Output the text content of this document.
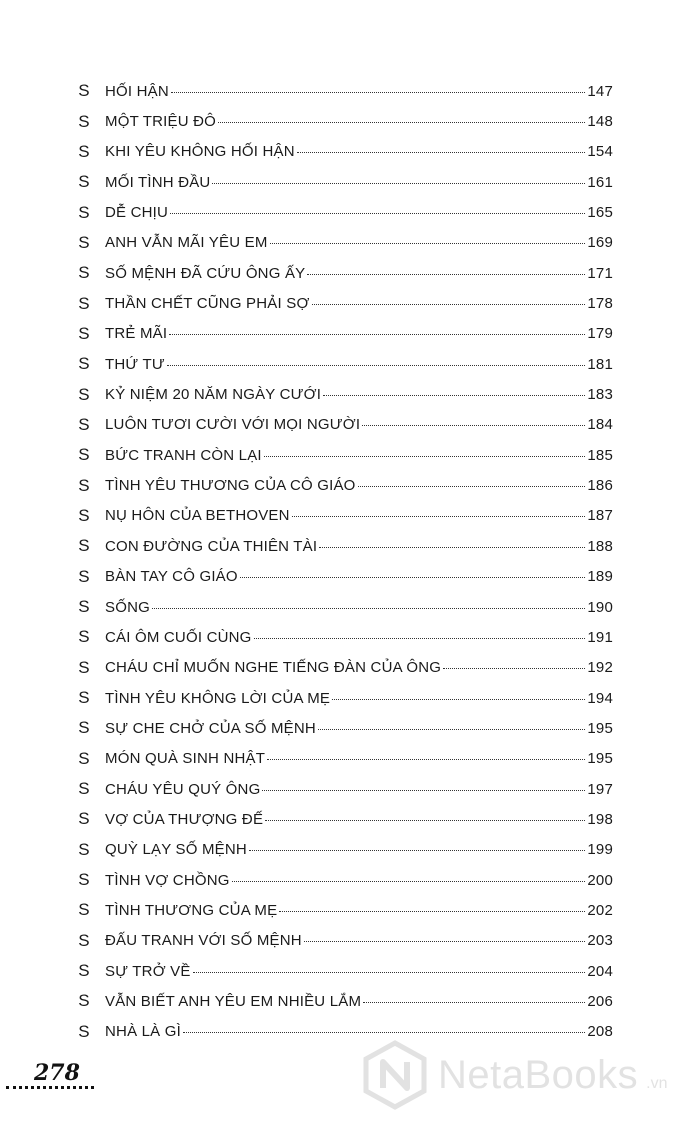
S HỐI HẬN	147
S MỘT TRIỆU ĐÔ	148
S KHI YÊU KHÔNG HỐI HẬN	154
S MỐI TÌNH ĐẦU	161
S DỄ CHỊU	165
S ANH VẪN MÃI YÊU EM	169
S SỐ MỆNH ĐÃ CỨU ÔNG ẤY	171
S THẦN CHẾT CŨNG PHẢI SỢ	178
S TRẺ MÃI	179
S THỨ TƯ	181
S KỶ NIỆM 20 NĂM NGÀY CƯỚI	183
S LUÔN TƯƠI CƯỜI VỚI MỌI NGƯỜI	184
S BỨC TRANH CÒN LẠI	185
S TÌNH YÊU THƯƠNG CỦA CÔ GIÁO	186
S NỤ HÔN CỦA BETHOVEN	187
S CON ĐƯỜNG CỦA THIÊN TÀI	188
S BÀN TAY CÔ GIÁO	189
S SỐNG	190
S CÁI ÔM CUỐI CÙNG	191
S CHÁU CHỈ MUỐN NGHE TIẾNG ĐÀN CỦA ÔNG	192
S TÌNH YÊU KHÔNG LỜI CỦA MẸ	194
S SỰ CHE CHỞ CỦA SỐ MỆNH	195
S MÓN QUÀ SINH NHẬT	195
S CHÁU YÊU QUÝ ÔNG	197
S VỢ CỦA THƯỢNG ĐẾ	198
S QUỲ LẠY SỐ MỆNH	199
S TÌNH VỢ CHỒNG	200
S TÌNH THƯƠNG CỦA MẸ	202
S ĐẤU TRANH VỚI SỐ MỆNH	203
S SỰ TRỞ VỀ	204
S VẪN BIẾT ANH YÊU EM NHIỀU LẮM	206
S NHÀ LÀ GÌ	208
278	NetaBooks .vn
